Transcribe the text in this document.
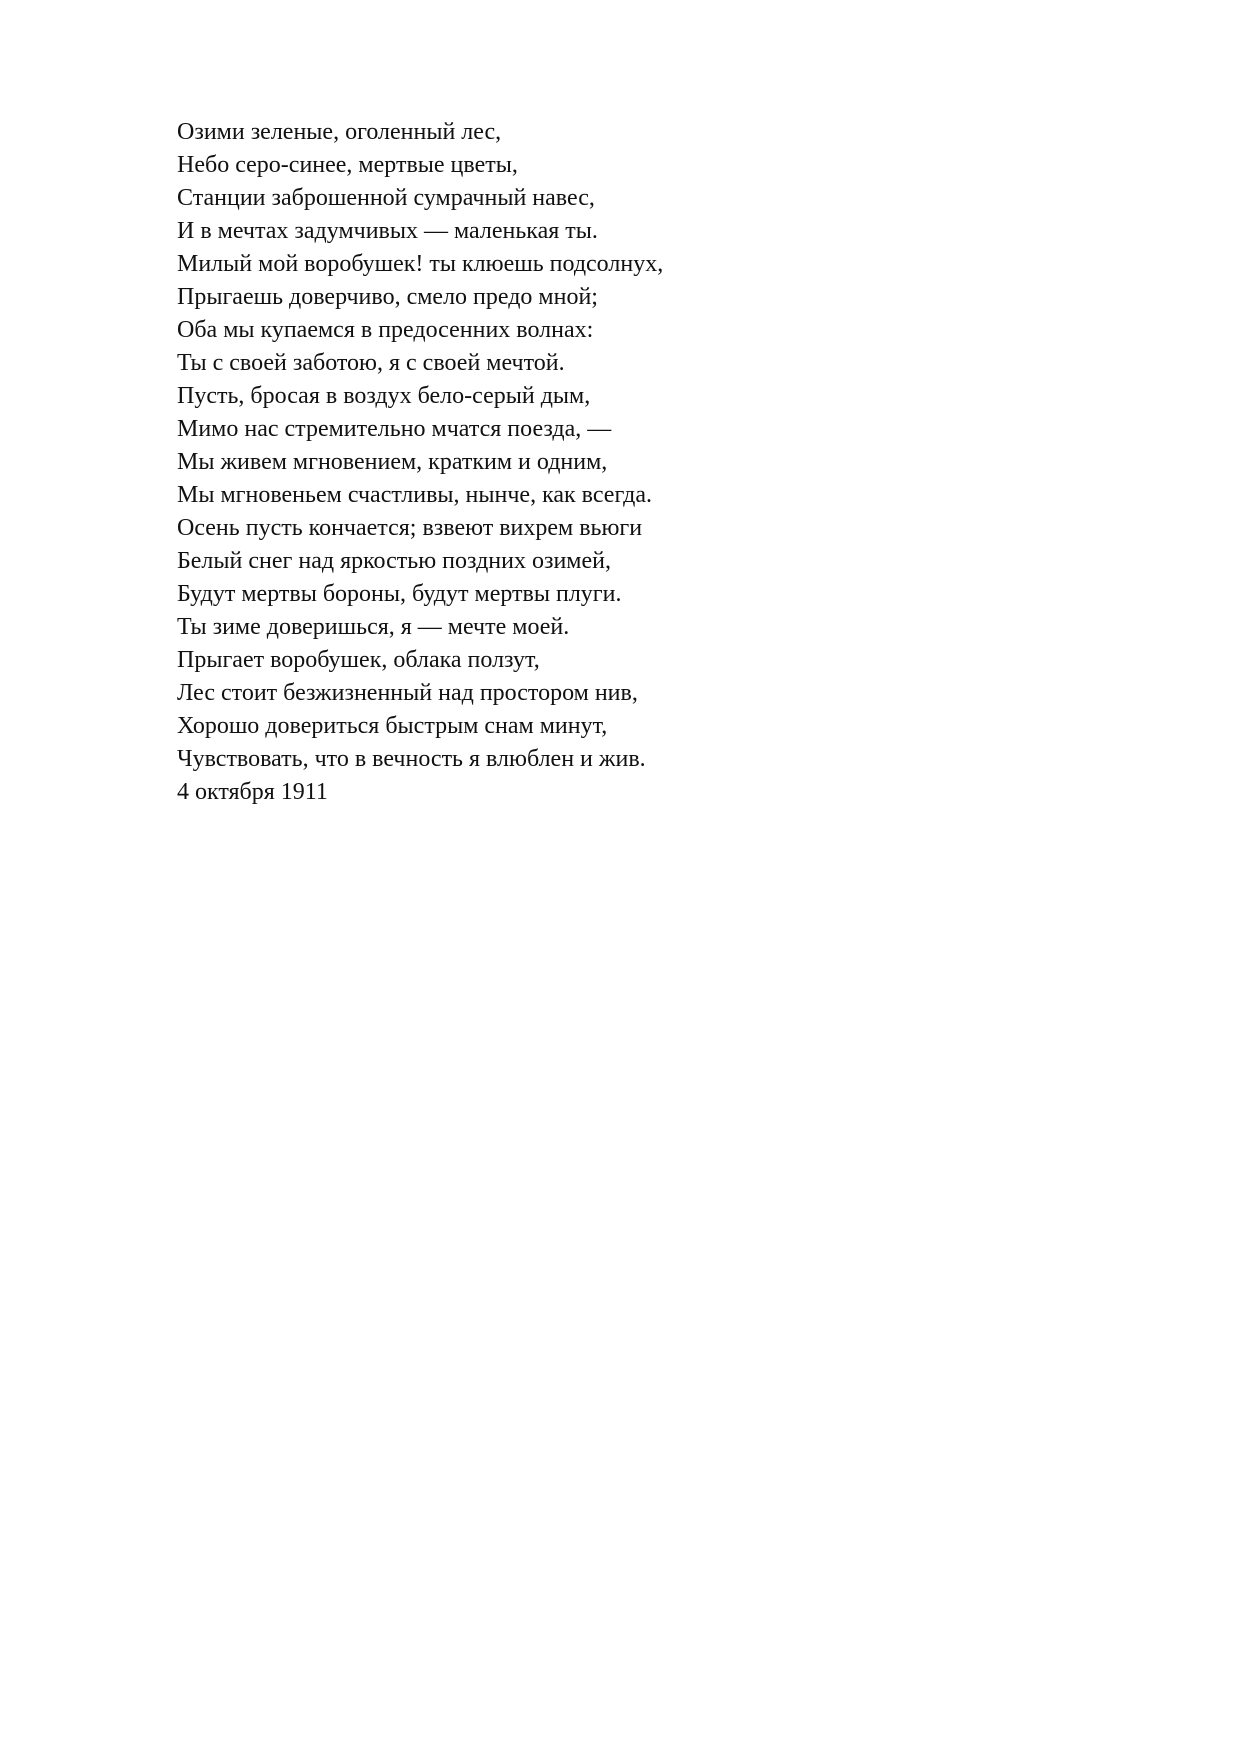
Озими зеленые, оголенный лес,
Небо серо-синее, мертвые цветы,
Станции заброшенной сумрачный навес,
И в мечтах задумчивых — маленькая ты.
Милый мой воробушек! ты клюешь подсолнух,
Прыгаешь доверчиво, смело предо мной;
Оба мы купаемся в предосенних волнах:
Ты с своей заботою, я с своей мечтой.
Пусть, бросая в воздух бело-серый дым,
Мимо нас стремительно мчатся поезда, —
Мы живем мгновением, кратким и одним,
Мы мгновеньем счастливы, нынче, как всегда.
Осень пусть кончается; взвеют вихрем вьюги
Белый снег над яркостью поздних озимей,
Будут мертвы бороны, будут мертвы плуги.
Ты зиме доверишься, я — мечте моей.
Прыгает воробушек, облака ползут,
Лес стоит безжизненный над простором нив,
Хорошо довериться быстрым снам минут,
Чувствовать, что в вечность я влюблен и жив.
4 октября 1911
